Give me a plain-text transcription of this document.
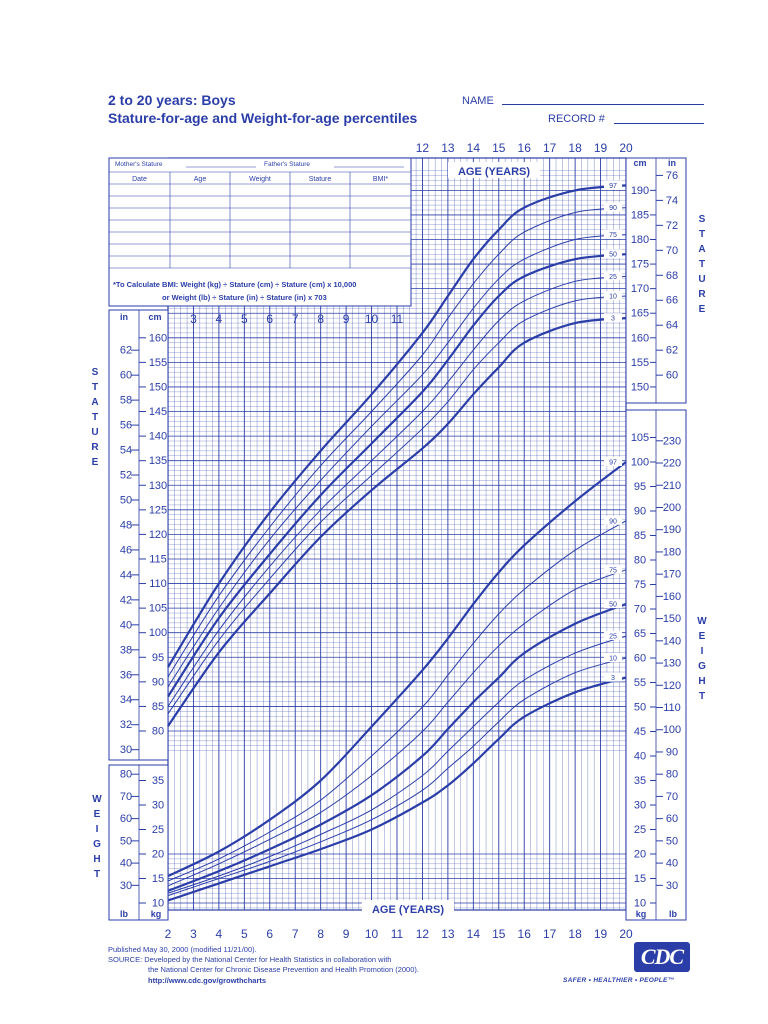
2 to 20 years: Boys
Stature-for-age and Weight-for-age percentiles
NAME
RECORD #
Mother's Stature	Father's Stature
Date	Age	Weight	Stature	BMI*
*To Calculate BMI: Weight (kg) ÷ Stature (cm) ÷ Stature (cm) x 10,000
or Weight (lb) ÷ Stature (in) ÷ Stature (in) x 703
in cm
lb	kg
80
85
90
95
100
105
110
115
120
125
130
135
140
145
150
155
160
30
32
34
36
38
40
42
44
46
48
50
52
54
56
58
60
62
10
15
20
25
30
35
30
40
50
60
70
80
cm in
kg	lb
150
155
160
165
170
175
180
185
190
60
62
64
66
68
70
72
74
76
10
15
20
25
30
35
40
45
50
55
60
65
70
75
80
85
90
95
100
105
30
40
50
60
70
80
90
100
110
120
130
140
150
160
170
180
190
200
210
220
230
S
T
A
T
U
R
E
W
E
I
G
H
T
S
T
A
T
U
R
E
W
E
I
G
H
T
2 3
3
4
4
5
5
6
6
7
7
8
8
9
9
10
10
11
11
12
12
13
13
14
14
15
15
16
16
17
17
18
18
19
19
20
20
AGE (YEARS)
AGE (YEARS)
97
90
75
50
25
10
3
97
90
75
50
25
10
3
Published May 30, 2000 (modified 11/21/00).
SOURCE: Developed by the National Center for Health Statistics in collaboration with
the National Center for Chronic Disease Prevention and Health Promotion (2000).
http://www.cdc.gov/growthcharts
CDC
SAFER • HEALTHIER • PEOPLE™
